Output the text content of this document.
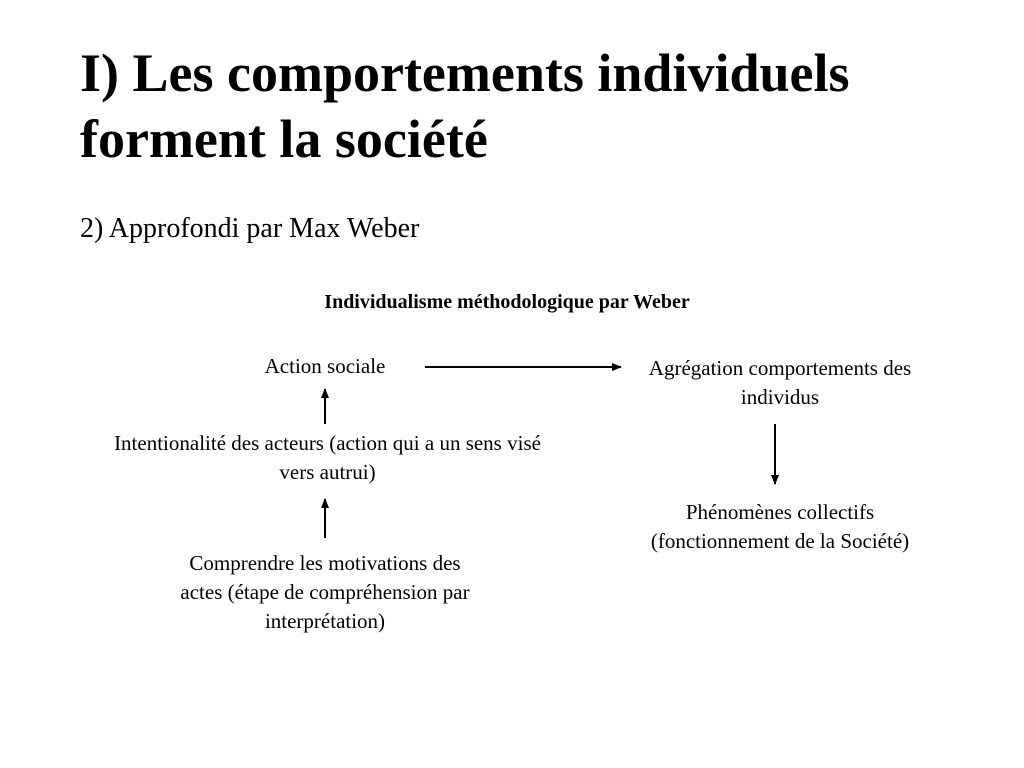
I) Les comportements individuels forment la société
2) Approfondi par Max Weber
Individualisme méthodologique par Weber
Action sociale	Agrégation comportements des individus
Intentionalité des acteurs (action qui a un sens visé vers autrui)
Comprendre les motivations des actes (étape de compréhension par interprétation)
Phénomènes collectifs (fonctionnement de la Société)
